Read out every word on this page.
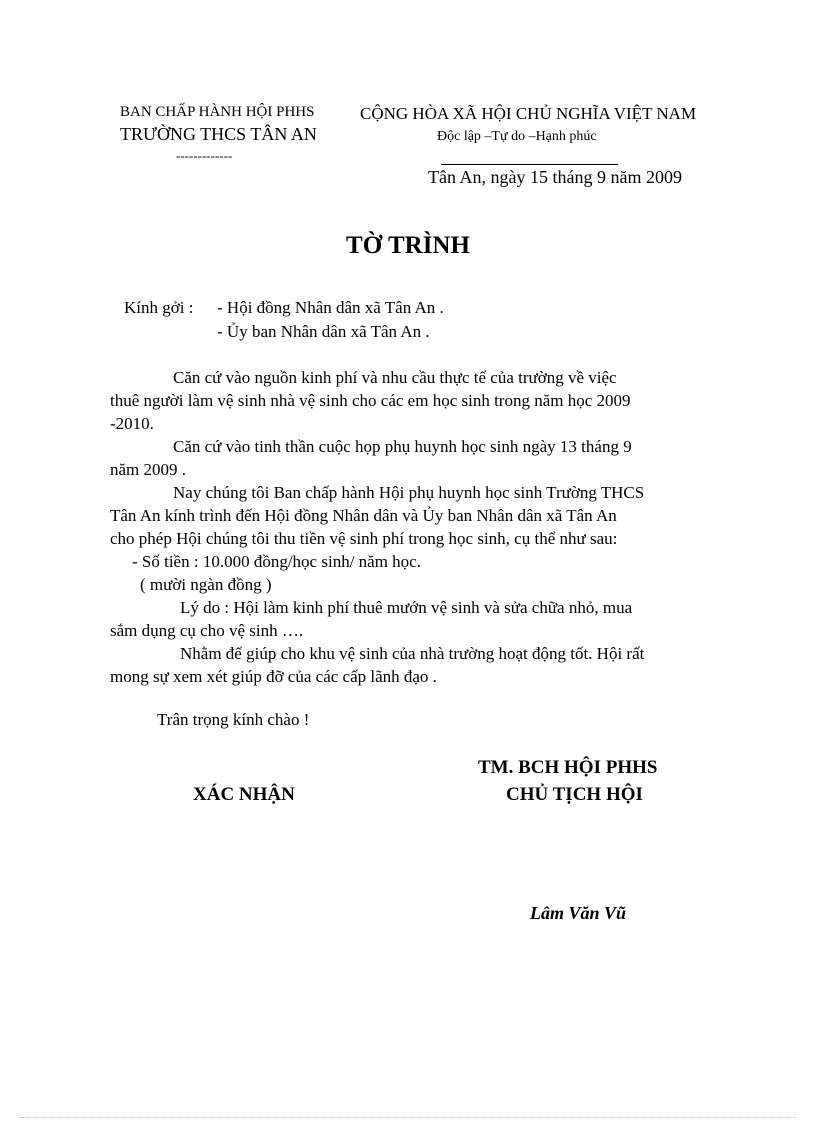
BAN CHẤP HÀNH HỘI PHHS
TRƯỜNG THCS TÂN AN
-------------
CỘNG HÒA XÃ HỘI CHỦ NGHĨA VIỆT NAM
Độc lập –Tự do –Hạnh phúc
Tân An, ngày 15 tháng 9 năm 2009
TỜ TRÌNH
Kính gởi : - Hội đồng Nhân dân xã Tân An .
- Ủy ban Nhân dân xã Tân An .

Căn cứ vào nguồn kinh phí và nhu cầu thực tế của trường về việc

thuê người làm vệ sinh nhà vệ sinh cho các em học sinh trong năm học 2009

-2010.

Căn cứ vào tinh thần cuộc họp phụ huynh học sinh ngày 13 tháng 9

năm 2009 .

Nay chúng tôi Ban chấp hành Hội phụ huynh học sinh Trường THCS

Tân An kính trình đến Hội đồng Nhân dân và Ủy ban Nhân dân xã Tân An

cho phép Hội chúng tôi thu tiền vệ sinh phí trong học sinh, cụ thể như sau:

- Số tiền : 10.000 đồng/học sinh/ năm học.

( mười ngàn đồng )

Lý do : Hội làm kinh phí thuê mướn vệ sinh và sửa chữa nhỏ, mua

sắm dụng cụ cho vệ sinh ….

Nhằm để giúp cho khu vệ sinh của nhà trường hoạt động tốt. Hội rất

mong sự xem xét giúp đỡ của các cấp lãnh đạo .

Trân trọng kính chào !
TM. BCH HỘI PHHS
XÁC NHẬN	CHỦ TỊCH HỘI
Lâm Văn Vũ
